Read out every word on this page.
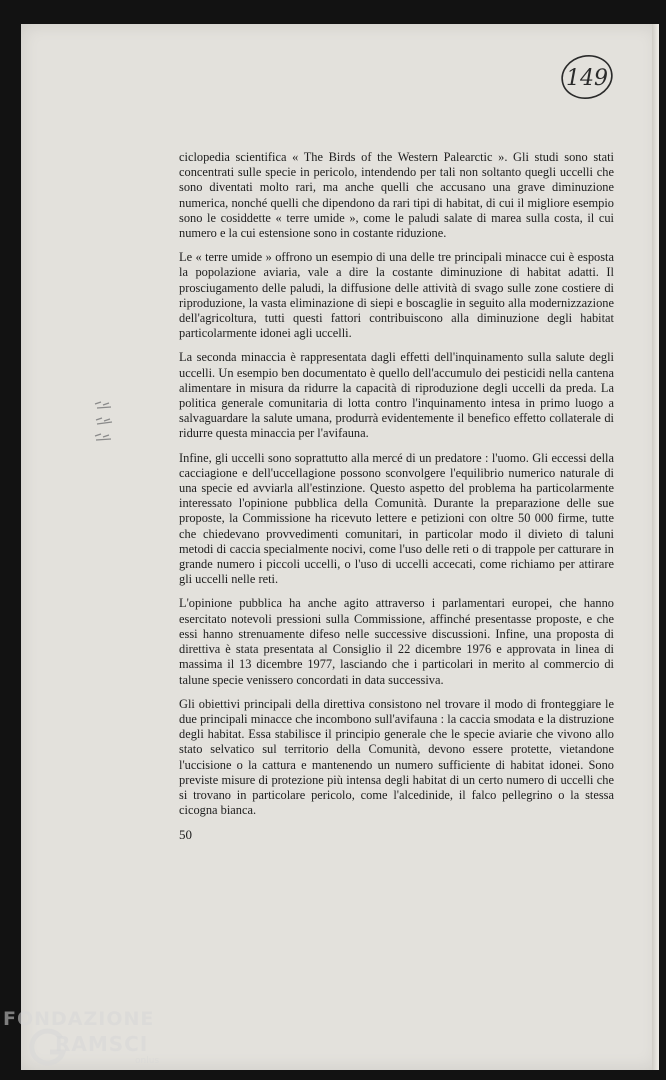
149

ciclopedia scientifica « The Birds of the Western Palearctic ». Gli studi sono stati concentrati sulle specie in pericolo, intendendo per tali non soltanto quegli uccelli che sono diventati molto rari, ma anche quelli che accusano una grave diminuzione numerica, nonché quelli che dipendono da rari tipi di habitat, di cui il migliore esempio sono le cosiddette « terre umide », come le paludi salate di marea sulla costa, il cui numero e la cui estensione sono in costante riduzione.

Le « terre umide » offrono un esempio di una delle tre principali minacce cui è esposta la popolazione aviaria, vale a dire la costante diminuzione di habitat adatti. Il prosciugamento delle paludi, la diffusione delle attività di svago sulle zone costiere di riproduzione, la vasta eliminazione di siepi e boscaglie in seguito alla modernizzazione dell'agricoltura, tutti questi fattori contribuiscono alla diminuzione degli habitat particolarmente idonei agli uccelli.

La seconda minaccia è rappresentata dagli effetti dell'inquinamento sulla salute degli uccelli. Un esempio ben documentato è quello dell'accumulo dei pesticidi nella cantena alimentare in misura da ridurre la capacità di riproduzione degli uccelli da preda. La politica generale comunitaria di lotta contro l'inquinamento intesa in primo luogo a salvaguardare la salute umana, produrrà evidentemente il benefico effetto collaterale di ridurre questa minaccia per l'avifauna.

Infine, gli uccelli sono soprattutto alla mercé di un predatore : l'uomo. Gli eccessi della cacciagione e dell'uccellagione possono sconvolgere l'equilibrio numerico naturale di una specie ed avviarla all'estinzione. Questo aspetto del problema ha particolarmente interessato l'opinione pubblica della Comunità. Durante la preparazione delle sue proposte, la Commissione ha ricevuto lettere e petizioni con oltre 50 000 firme, tutte che chiedevano provvedimenti comunitari, in particolar modo il divieto di taluni metodi di caccia specialmente nocivi, come l'uso delle reti o di trappole per catturare in grande numero i piccoli uccelli, o l'uso di uccelli accecati, come richiamo per attirare gli uccelli nelle reti.

L'opinione pubblica ha anche agito attraverso i parlamentari europei, che hanno esercitato notevoli pressioni sulla Commissione, affinché presentasse proposte, e che essi hanno strenuamente difeso nelle successive discussioni. Infine, una proposta di direttiva è stata presentata al Consiglio il 22 dicembre 1976 e approvata in linea di massima il 13 dicembre 1977, lasciando che i particolari in merito al commercio di talune specie venissero concordati in data successiva.

Gli obiettivi principali della direttiva consistono nel trovare il modo di fronteggiare le due principali minacce che incombono sull'avifauna : la caccia smodata e la distruzione degli habitat. Essa stabilisce il principio generale che le specie aviarie che vivono allo stato selvatico sul territorio della Comunità, devono essere protette, vietandone l'uccisione o la cattura e mantenendo un numero sufficiente di habitat idonei. Sono previste misure di protezione più intensa degli habitat di un certo numero di uccelli che si trovano in particolare pericolo, come l'alcedinide, il falco pellegrino o la stessa cicogna bianca.

50
FONDAZIONE
RAMSCI
onlus
